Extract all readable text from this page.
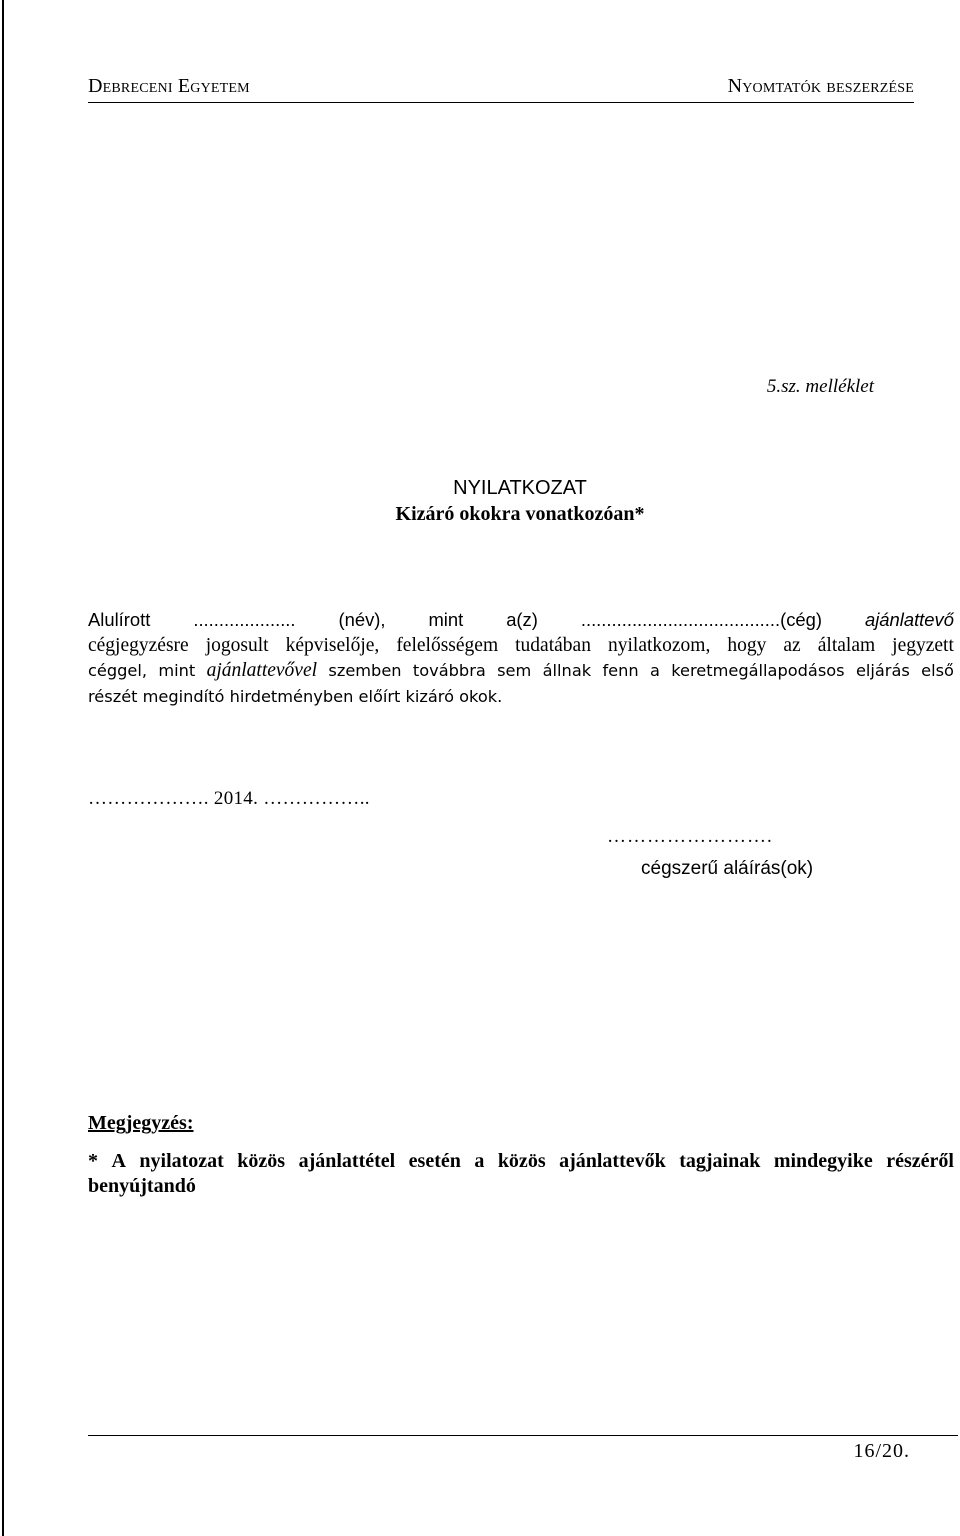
Debreceni Egyetem	Nyomtatók beszerzése
5.sz. melléklet
NYILATKOZAT
Kizáró okokra vonatkozóan*
Alulírott .................... (név), mint a(z) .......................................(cég) ajánlattevő
cégjegyzésre jogosult képviselője, felelősségem tudatában nyilatkozom, hogy az általam jegyzett
céggel, mint ajánlattevővel szemben továbbra sem állnak fenn a keretmegállapodásos eljárás első
részét megindító hirdetményben előírt kizáró okok.
………………. 2014. ……………..
…………………….
cégszerű aláírás(ok)
Megjegyzés:
* A nyilatozat közös ajánlattétel esetén a közös ajánlattevők tagjainak mindegyike részéről
benyújtandó
16/20.
